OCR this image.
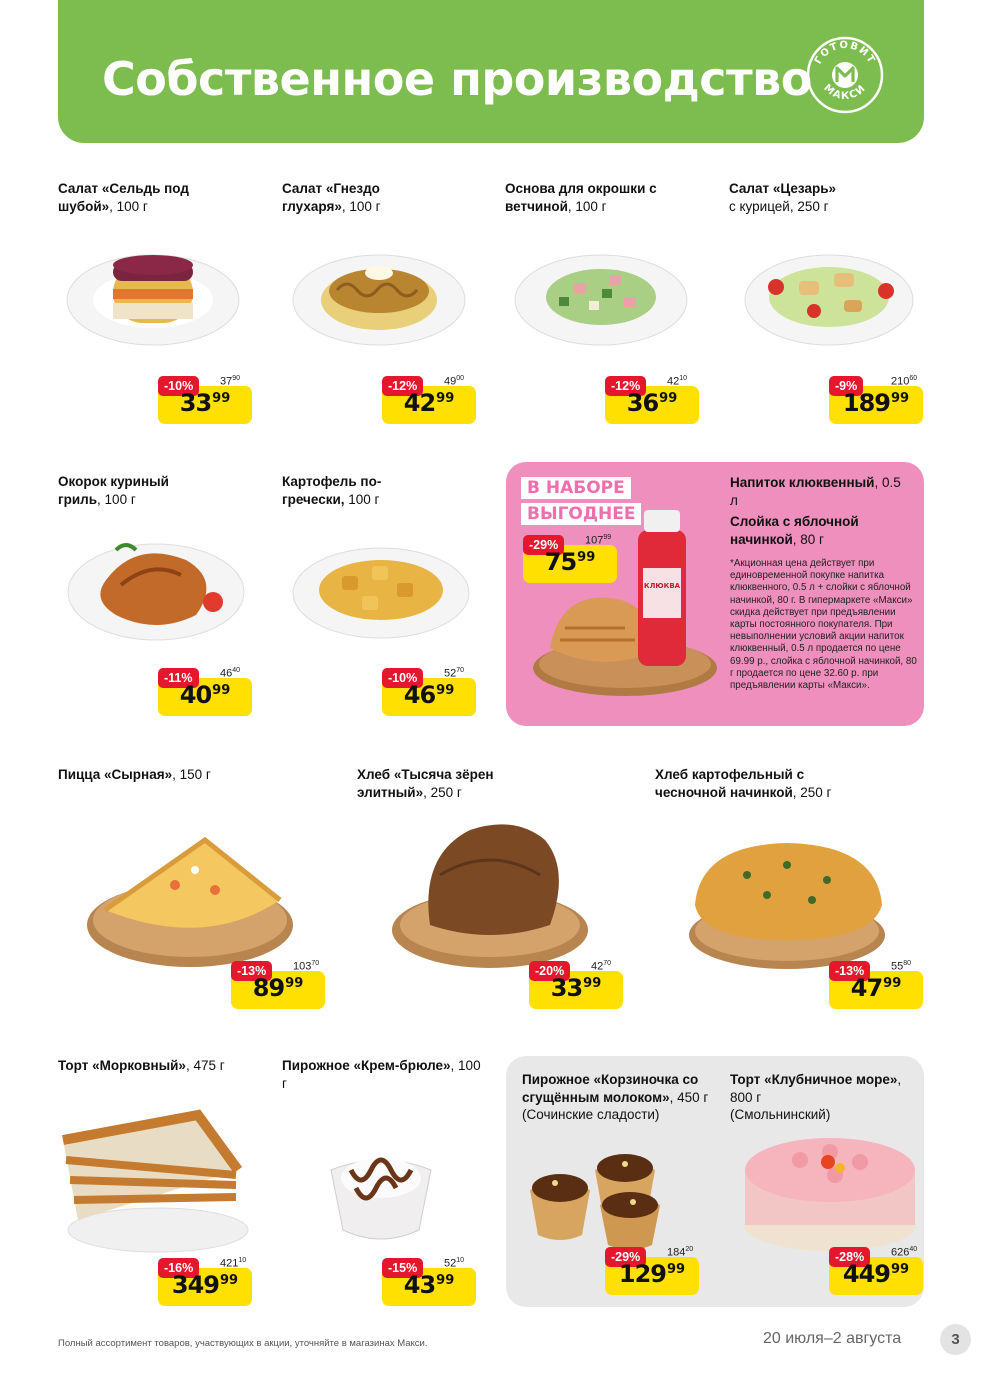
Собственное производство ГОТОВИТ
МАКСИ
Салат «Сельдь под шубой», 100 г
-10%	$37^{90}$
$33^{99}$
Салат «Гнездо глухаря», 100 г
-12%	$49^{00}$
$42^{99}$
Основа для окрошки с ветчиной, 100 г
-12%	$42^{10}$
$36^{99}$
Салат «Цезарь»
с курицей, 250 г
-9%	$210^{60}$
$189^{99}$
Окорок куриный гриль, 100 г
-11%	$46^{40}$
$40^{99}$
Картофель по-гречески, 100 г
-10%	$52^{70}$
$46^{99}$
В НАБОРЕ
ВЫГОДНЕЕ
КЛЮКВА
-29%	$107^{99}$
$75^{99}$
Напиток клюквенный, 0.5 л
Слойка с яблочной начинкой, 80 г
*Акционная цена действует при единовременной покупке напитка клюквенного, 0.5 л + слойки с яблочной начинкой, 80 г. В гипермаркете «Макси» скидка действует при предъявлении карты постоянного покупателя. При невыполнении условий акции напиток клюквенный, 0.5 л продается по цене 69.99 р., слойка с яблочной начинкой, 80 г продается по цене 32.60 р. при предъявлении карты «Макси».
Пицца «Сырная», 150 г
-13%	$103^{70}$
$89^{99}$
Хлеб «Тысяча зёрен элитный», 250 г
-20%	$42^{70}$
$33^{99}$
Хлеб картофельный с чесночной начинкой, 250 г
-13%	$55^{80}$
$47^{99}$
Торт «Морковный», 475 г
-16%	$421^{10}$
$349^{99}$
Пирожное «Крем-брюле», 100 г
-15%	$52^{10}$
$43^{99}$
Пирожное «Корзиночка со сгущённым молоком», 450 г
(Сочинские сладости)
-29%	$184^{20}$
$129^{99}$
Торт «Клубничное море», 800 г
(Смольнинский)
-28%	$626^{40}$
$449^{99}$
Полный ассортимент товаров, участвующих в акции, уточняйте в магазинах Макси.	20 июля–2 августа	3
